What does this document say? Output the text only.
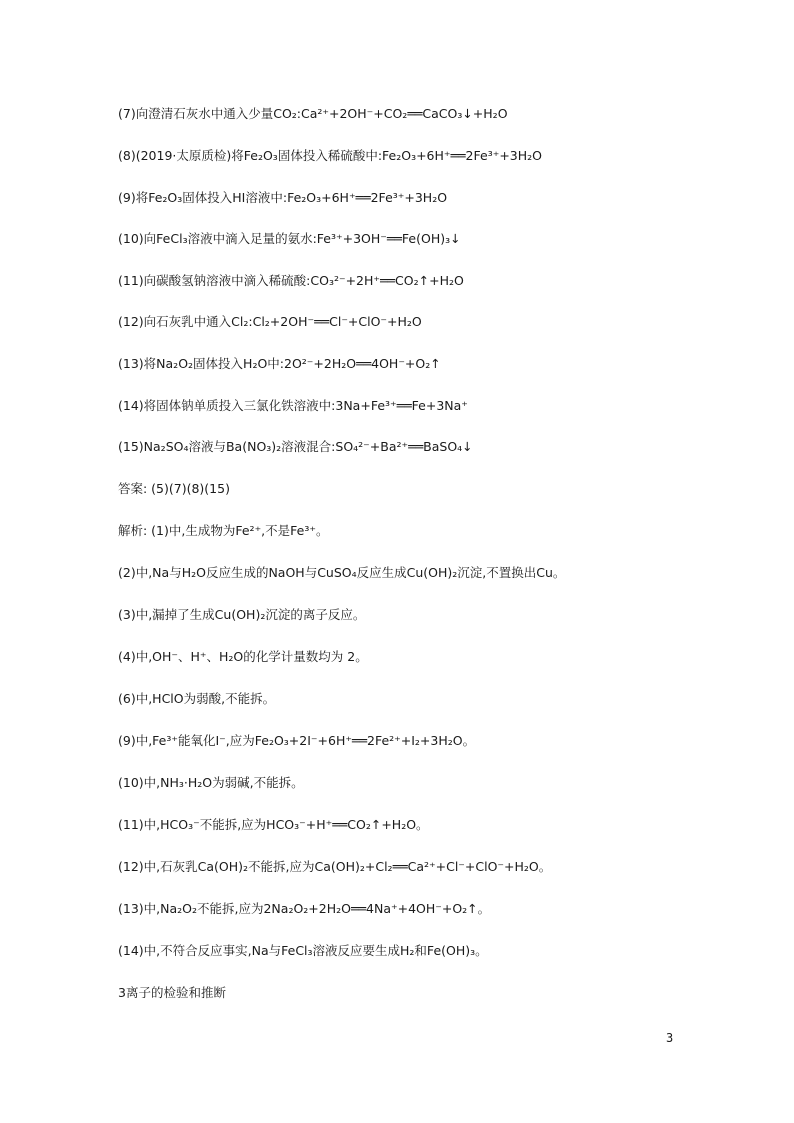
(7)向澄清石灰水中通入少量CO₂:Ca²⁺+2OH⁻+CO₂══CaCO₃↓+H₂O
(8)(2019·太原质检)将Fe₂O₃固体投入稀硫酸中:Fe₂O₃+6H⁺══2Fe³⁺+3H₂O
(9)将Fe₂O₃固体投入HI溶液中:Fe₂O₃+6H⁺══2Fe³⁺+3H₂O
(10)向FeCl₃溶液中滴入足量的氨水:Fe³⁺+3OH⁻══Fe(OH)₃↓
(11)向碳酸氢钠溶液中滴入稀硫酸:CO₃²⁻+2H⁺══CO₂↑+H₂O
(12)向石灰乳中通入Cl₂:Cl₂+2OH⁻══Cl⁻+ClO⁻+H₂O
(13)将Na₂O₂固体投入H₂O中:2O²⁻+2H₂O══4OH⁻+O₂↑
(14)将固体钠单质投入三氯化铁溶液中:3Na+Fe³⁺══Fe+3Na⁺
(15)Na₂SO₄溶液与Ba(NO₃)₂溶液混合:SO₄²⁻+Ba²⁺══BaSO₄↓
答案: (5)(7)(8)(15)
解析: (1)中,生成物为Fe²⁺,不是Fe³⁺。
(2)中,Na与H₂O反应生成的NaOH与CuSO₄反应生成Cu(OH)₂沉淀,不置换出Cu。
(3)中,漏掉了生成Cu(OH)₂沉淀的离子反应。
(4)中,OH⁻、H⁺、H₂O的化学计量数均为 2。
(6)中,HClO为弱酸,不能拆。
(9)中,Fe³⁺能氧化I⁻,应为Fe₂O₃+2I⁻+6H⁺══2Fe²⁺+I₂+3H₂O。
(10)中,NH₃·H₂O为弱碱,不能拆。
(11)中,HCO₃⁻不能拆,应为HCO₃⁻+H⁺══CO₂↑+H₂O。
(12)中,石灰乳Ca(OH)₂不能拆,应为Ca(OH)₂+Cl₂══Ca²⁺+Cl⁻+ClO⁻+H₂O。
(13)中,Na₂O₂不能拆,应为2Na₂O₂+2H₂O══4Na⁺+4OH⁻+O₂↑。
(14)中,不符合反应事实,Na与FeCl₃溶液反应要生成H₂和Fe(OH)₃。
3离子的检验和推断
3
